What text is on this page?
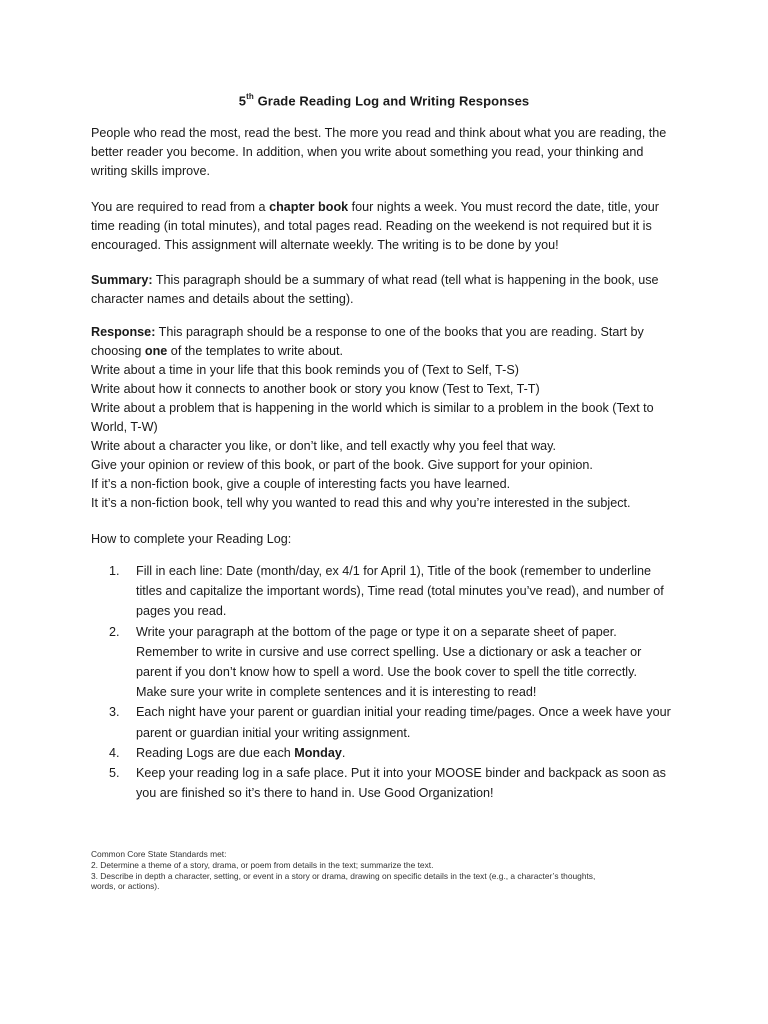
5th Grade Reading Log and Writing Responses
People who read the most, read the best. The more you read and think about what you are reading, the
better reader you become. In addition, when you write about something you read, your thinking and
writing skills improve.
You are required to read from a chapter book four nights a week. You must record the date, title, your
time reading (in total minutes), and total pages read. Reading on the weekend is not required but it is
encouraged. This assignment will alternate weekly. The writing is to be done by you!
Summary: This paragraph should be a summary of what read (tell what is happening in the book, use
character names and details about the setting).
Response: This paragraph should be a response to one of the books that you are reading. Start by
choosing one of the templates to write about.
Write about a time in your life that this book reminds you of (Text to Self, T-S)
Write about how it connects to another book or story you know (Test to Text, T-T)
Write about a problem that is happening in the world which is similar to a problem in the book (Text to
World, T-W)
Write about a character you like, or don’t like, and tell exactly why you feel that way.
Give your opinion or review of this book, or part of the book. Give support for your opinion.
If it’s a non-fiction book, give a couple of interesting facts you have learned.
It it’s a non-fiction book, tell why you wanted to read this and why you’re interested in the subject.
How to complete your Reading Log:
1. Fill in each line: Date (month/day, ex 4/1 for April 1), Title of the book (remember to underline
titles and capitalize the important words), Time read (total minutes you’ve read), and number of
pages you read.
2. Write your paragraph at the bottom of the page or type it on a separate sheet of paper.
Remember to write in cursive and use correct spelling. Use a dictionary or ask a teacher or
parent if you don’t know how to spell a word. Use the book cover to spell the title correctly.
Make sure your write in complete sentences and it is interesting to read!
3. Each night have your parent or guardian initial your reading time/pages. Once a week have your
parent or guardian initial your writing assignment.
4. Reading Logs are due each Monday.
5. Keep your reading log in a safe place. Put it into your MOOSE binder and backpack as soon as
you are finished so it’s there to hand in. Use Good Organization!
Common Core State Standards met:
2. Determine a theme of a story, drama, or poem from details in the text; summarize the text.
3. Describe in depth a character, setting, or event in a story or drama, drawing on specific details in the text (e.g., a character’s thoughts,
words, or actions).
